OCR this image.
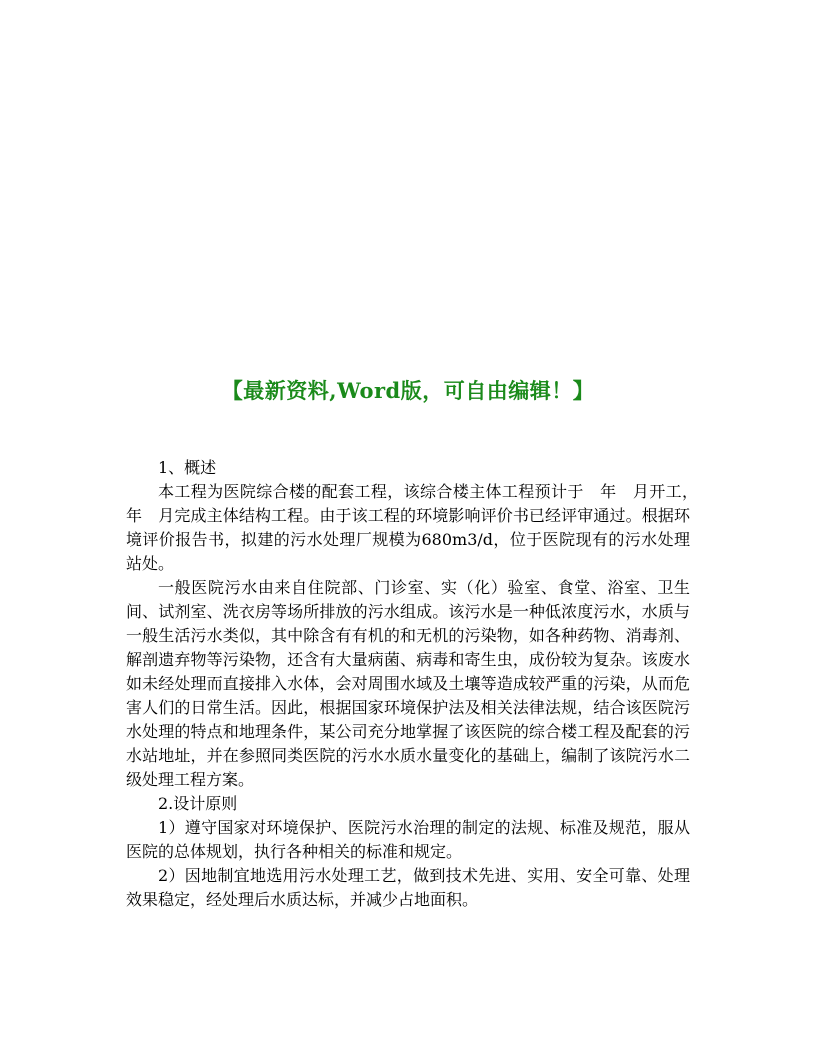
【最新资料,Word版，可自由编辑！】

1、概述

本工程为医院综合楼的配套工程，该综合楼主体工程预计于　年　月开工，　　　年　月完成主体结构工程。由于该工程的环境影响评价书已经评审通过。根据环境评价报告书，拟建的污水处理厂规模为680m3/d，位于医院现有的污水处理站处。

一般医院污水由来自住院部、门诊室、实（化）验室、食堂、浴室、卫生间、试剂室、洗衣房等场所排放的污水组成。该污水是一种低浓度污水，水质与一般生活污水类似，其中除含有有机的和无机的污染物，如各种药物、消毒剂、解剖遗弃物等污染物，还含有大量病菌、病毒和寄生虫，成份较为复杂。该废水如未经处理而直接排入水体，会对周围水域及土壤等造成较严重的污染，从而危害人们的日常生活。因此，根据国家环境保护法及相关法律法规，结合该医院污水处理的特点和地理条件，某公司充分地掌握了该医院的综合楼工程及配套的污水站地址，并在参照同类医院的污水水质水量变化的基础上，编制了该院污水二级处理工程方案。

2.设计原则

1）遵守国家对环境保护、医院污水治理的制定的法规、标准及规范，服从医院的总体规划，执行各种相关的标准和规定。

2）因地制宜地选用污水处理工艺，做到技术先进、实用、安全可靠、处理效果稳定，经处理后水质达标，并减少占地面积。
